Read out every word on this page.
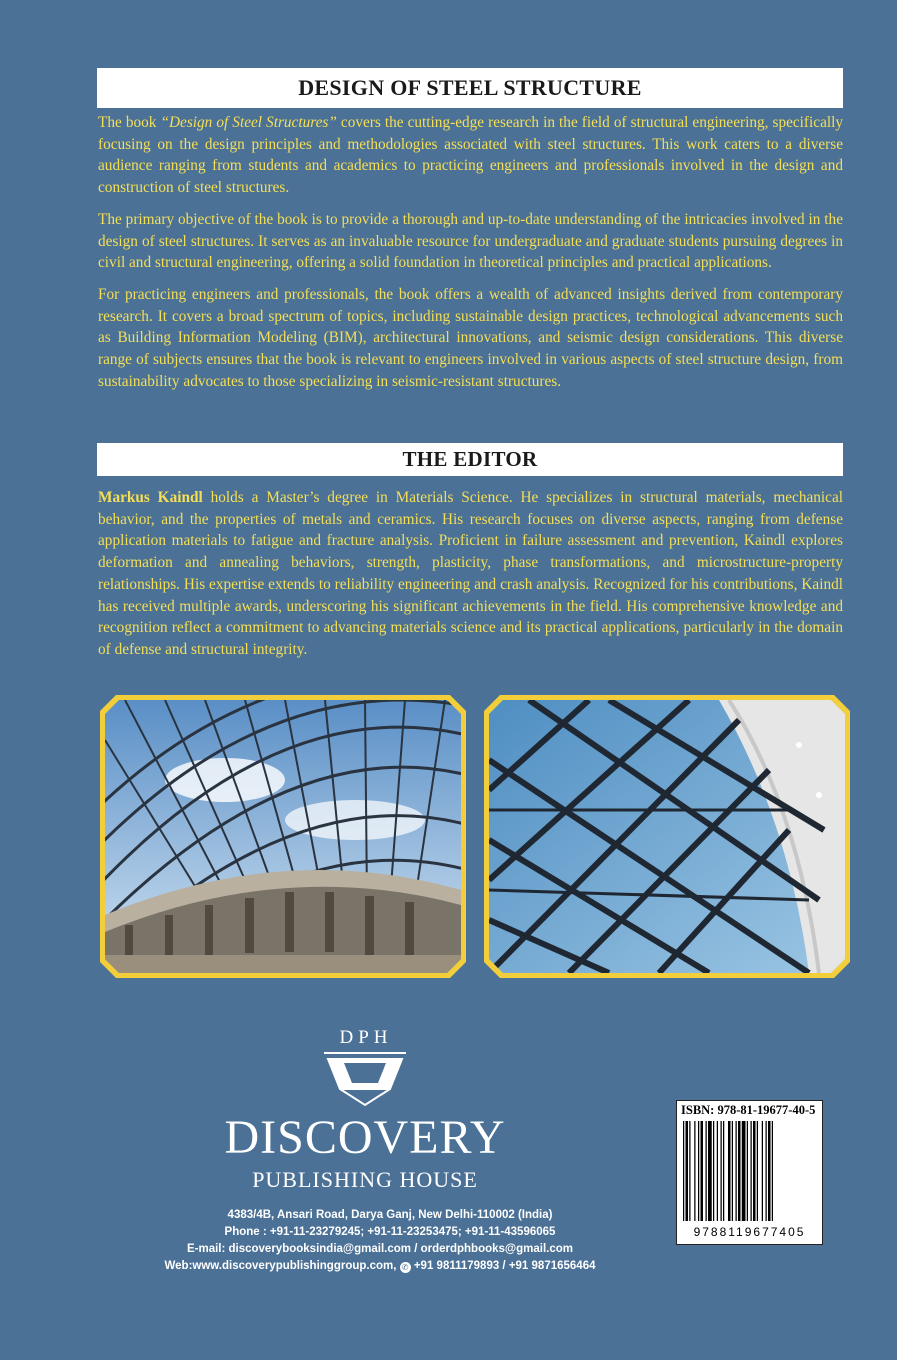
DESIGN OF STEEL STRUCTURE

The book “Design of Steel Structures” covers the cutting-edge research in the field of structural engineering, specifically focusing on the design principles and methodologies associated with steel structures. This work caters to a diverse audience ranging from students and academics to practicing engineers and professionals involved in the design and construction of steel structures.

The primary objective of the book is to provide a thorough and up-to-date understanding of the intricacies involved in the design of steel structures. It serves as an invaluable resource for undergraduate and graduate students pursuing degrees in civil and structural engineering, offering a solid foundation in theoretical principles and practical applications.

For practicing engineers and professionals, the book offers a wealth of advanced insights derived from contemporary research. It covers a broad spectrum of topics, including sustainable design practices, technological advancements such as Building Information Modeling (BIM), architectural innovations, and seismic design considerations. This diverse range of subjects ensures that the book is relevant to engineers involved in various aspects of steel structure design, from sustainability advocates to those specializing in seismic-resistant structures.

THE EDITOR

Markus Kaindl holds a Master’s degree in Materials Science. He specializes in structural materials, mechanical behavior, and the properties of metals and ceramics. His research focuses on diverse aspects, ranging from defense application materials to fatigue and fracture analysis. Proficient in failure assessment and prevention, Kaindl explores deformation and annealing behaviors, strength, plasticity, phase transformations, and microstructure-property relationships. His expertise extends to reliability engineering and crash analysis. Recognized for his contributions, Kaindl has received multiple awards, underscoring his significant achievements in the field. His comprehensive knowledge and recognition reflect a commitment to advancing materials science and its practical applications, particularly in the domain of defense and structural integrity.

DPH
DISCOVERY
PUBLISHING HOUSE
4383/4B, Ansari Road, Darya Ganj, New Delhi-110002 (India)
Phone : +91-11-23279245; +91-11-23253475; +91-11-43596065
E-mail: discoverybooksindia@gmail.com / orderdphbooks@gmail.com
Web:www.discoverypublishinggroup.com, ✆ +91 9811179893 / +91 9871656464
ISBN: 978-81-19677-40-5
9788119677405
